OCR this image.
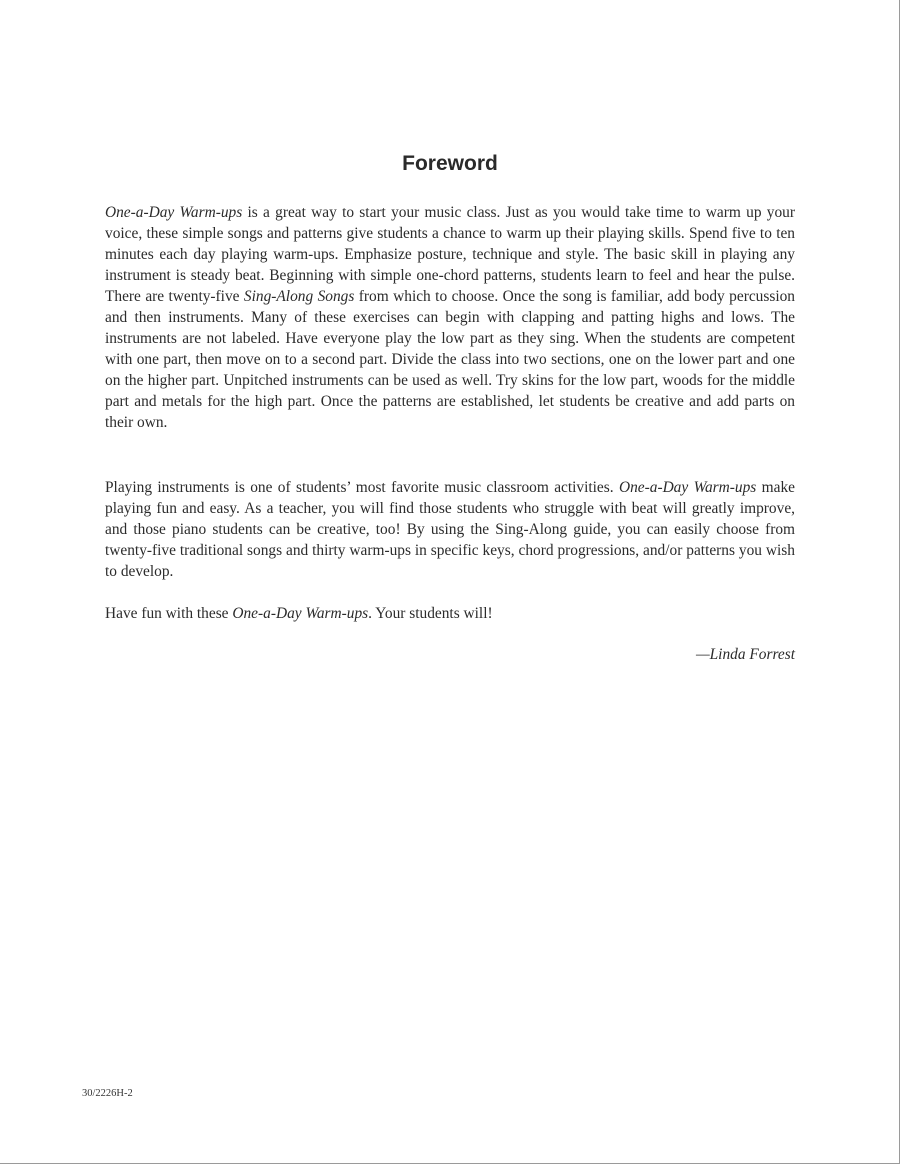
Foreword

One-a-Day Warm-ups is a great way to start your music class. Just as you would take time to warm up your voice, these simple songs and patterns give students a chance to warm up their playing skills. Spend five to ten minutes each day playing warm-ups. Emphasize posture, technique and style. The basic skill in playing any instrument is steady beat. Beginning with simple one-chord patterns, students learn to feel and hear the pulse. There are twenty-five Sing-Along Songs from which to choose. Once the song is familiar, add body percussion and then instruments. Many of these exercises can begin with clapping and patting highs and lows. The instruments are not labeled. Have everyone play the low part as they sing. When the students are competent with one part, then move on to a second part. Divide the class into two sections, one on the lower part and one on the higher part. Unpitched instruments can be used as well. Try skins for the low part, woods for the middle part and metals for the high part. Once the patterns are established, let students be creative and add parts on their own.

Playing instruments is one of students’ most favorite music classroom activities. One-a-Day Warm-ups make playing fun and easy. As a teacher, you will find those students who struggle with beat will greatly improve, and those piano students can be creative, too! By using the Sing-Along guide, you can easily choose from twenty-five traditional songs and thirty warm-ups in specific keys, chord progressions, and/or patterns you wish to develop.

Have fun with these One-a-Day Warm-ups. Your students will!

—Linda Forrest

30/2226H-2
